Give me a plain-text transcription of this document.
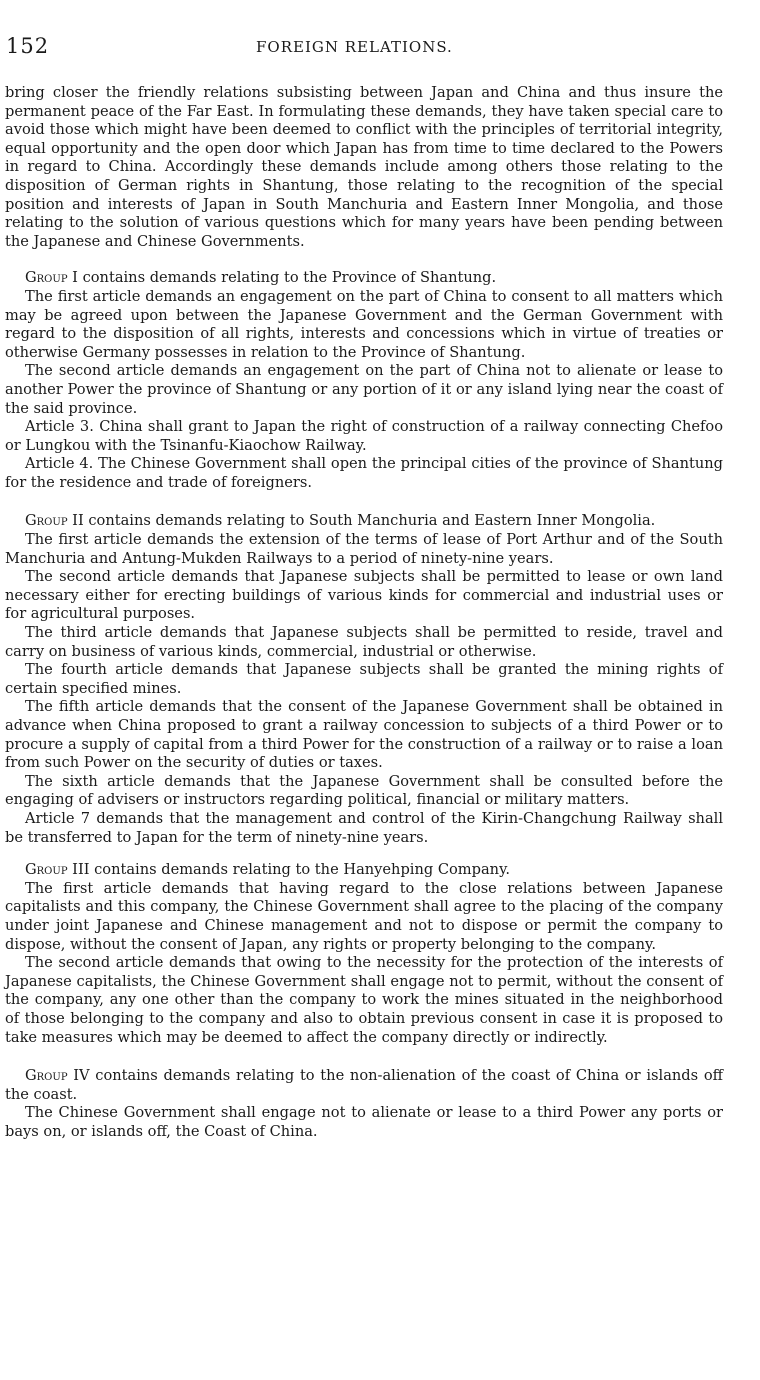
152	FOREIGN RELATIONS.

bring closer the friendly relations subsisting between Japan and China and thus insure the permanent peace of the Far East. In formulating these demands, they have taken special care to avoid those which might have been deemed to conflict with the principles of territorial integrity, equal opportunity and the open door which Japan has from time to time declared to the Powers in regard to China. Accordingly these demands include among others those relating to the disposition of German rights in Shantung, those relating to the recognition of the special position and interests of Japan in South Manchuria and Eastern Inner Mongolia, and those relating to the solution of various questions which for many years have been pending between the Japanese and Chinese Governments.

Group I contains demands relating to the Province of Shantung.

The first article demands an engagement on the part of China to consent to all matters which may be agreed upon between the Japanese Government and the German Government with regard to the disposition of all rights, interests and concessions which in virtue of treaties or otherwise Germany possesses in relation to the Province of Shantung.

The second article demands an engagement on the part of China not to alienate or lease to another Power the province of Shantung or any portion of it or any island lying near the coast of the said province.

Article 3. China shall grant to Japan the right of construction of a railway connecting Chefoo or Lungkou with the Tsinanfu-Kiaochow Railway.

Article 4. The Chinese Government shall open the principal cities of the province of Shantung for the residence and trade of foreigners.

Group II contains demands relating to South Manchuria and Eastern Inner Mongolia.

The first article demands the extension of the terms of lease of Port Arthur and of the South Manchuria and Antung-Mukden Railways to a period of ninety-nine years.

The second article demands that Japanese subjects shall be permitted to lease or own land necessary either for erecting buildings of various kinds for commercial and industrial uses or for agricultural purposes.

The third article demands that Japanese subjects shall be permitted to reside, travel and carry on business of various kinds, commercial, industrial or otherwise.

The fourth article demands that Japanese subjects shall be granted the mining rights of certain specified mines.

The fifth article demands that the consent of the Japanese Government shall be obtained in advance when China proposed to grant a railway concession to subjects of a third Power or to procure a supply of capital from a third Power for the construction of a railway or to raise a loan from such Power on the security of duties or taxes.

The sixth article demands that the Japanese Government shall be consulted before the engaging of advisers or instructors regarding political, financial or military matters.

Article 7 demands that the management and control of the Kirin-Changchung Railway shall be transferred to Japan for the term of ninety-nine years.

Group III contains demands relating to the Hanyehping Company.

The first article demands that having regard to the close relations between Japanese capitalists and this company, the Chinese Government shall agree to the placing of the company under joint Japanese and Chinese management and not to dispose or permit the company to dispose, without the consent of Japan, any rights or property belonging to the company.

The second article demands that owing to the necessity for the protection of the interests of Japanese capitalists, the Chinese Government shall engage not to permit, without the consent of the company, any one other than the company to work the mines situated in the neighborhood of those belonging to the company and also to obtain previous consent in case it is proposed to take measures which may be deemed to affect the company directly or indirectly.

Group IV contains demands relating to the non-alienation of the coast of China or islands off the coast.

The Chinese Government shall engage not to alienate or lease to a third Power any ports or bays on, or islands off, the Coast of China.
